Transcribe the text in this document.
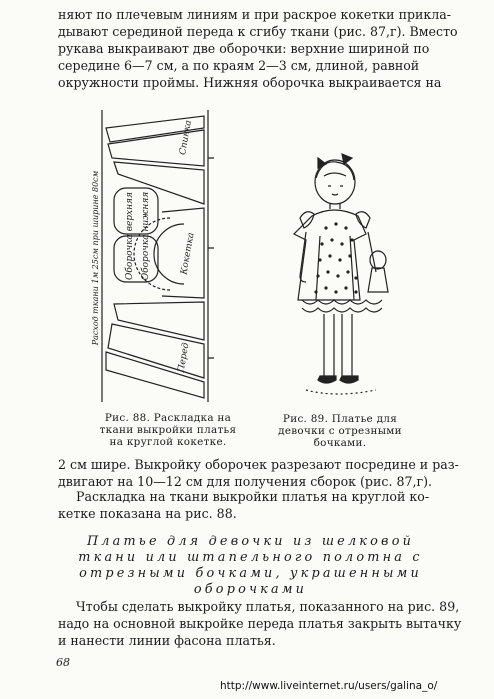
няют по плечевым линиям и при раскрое кокетки прикла-
дывают серединой переда к сгибу ткани (рис. 87,г). Вместо
рукава выкраивают две оборочки: верхние шириной по
середине 6—7 см, а по краям 2—3 см, длиной, равной
окружности проймы. Нижняя оборочка выкраивается на

Спинка
Кокетка
Перед
Оборочка верхняя Оборочка нижняя
Расход ткани 1м 25см при ширине 80см
Рис. 88. Раскладка на
ткани выкройки платья
на круглой кокетке.
Рис. 89. Платье для
девочки с отрезными
бочками.

2 см шире. Выкройку оборочек разрезают посредине и раз-
двигают на 10—12 см для получения сборок (рис. 87,г).

Раскладка на ткани выкройки платья на круглой ко-
кетке показана на рис. 88.

Платье для девочки из шелковой
ткани или штапельного полотна с
отрезными бочками, украшенными
оборочками

Чтобы сделать выкройку платья, показанного на рис. 89,
надо на основной выкройке переда платья закрыть вытачку
и нанести линии фасона платья.

68
http://www.liveinternet.ru/users/galina_o/
